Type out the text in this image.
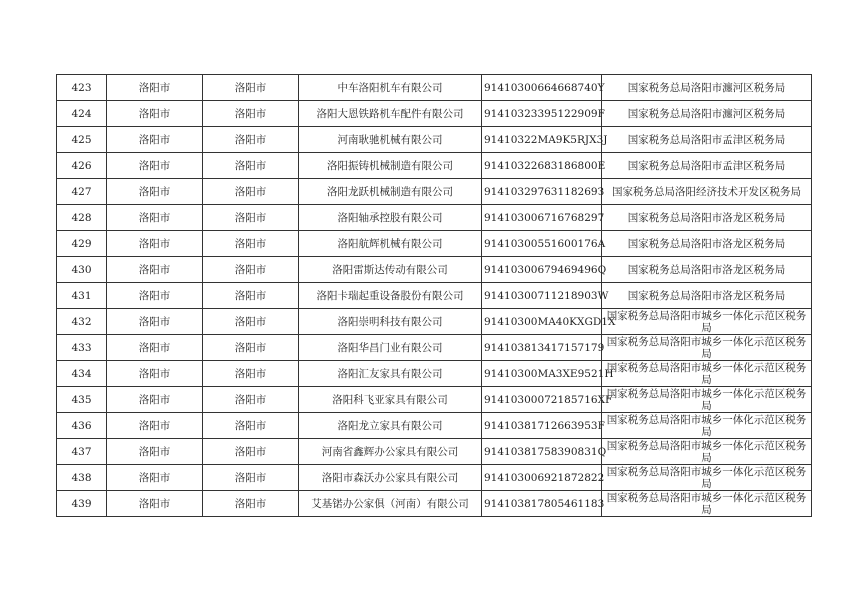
423	洛阳市	洛阳市	中车洛阳机车有限公司	91410300664668740Y	国家税务总局洛阳市瀍河区税务局
424	洛阳市	洛阳市	洛阳大恩铁路机车配件有限公司	91410323395122909F	国家税务总局洛阳市瀍河区税务局
425	洛阳市	洛阳市	河南耿驰机械有限公司	91410322MA9K5RJX3J	国家税务总局洛阳市孟津区税务局
426	洛阳市	洛阳市	洛阳振铸机械制造有限公司	91410322683186800E	国家税务总局洛阳市孟津区税务局
427	洛阳市	洛阳市	洛阳龙跃机械制造有限公司	91410329763118269З	国家税务总局洛阳经济技术开发区税务局
428	洛阳市	洛阳市	洛阳轴承控股有限公司	914103006716768297	国家税务总局洛阳市洛龙区税务局
429	洛阳市	洛阳市	洛阳航辉机械有限公司	91410300551600176A	国家税务总局洛阳市洛龙区税务局
430	洛阳市	洛阳市	洛阳雷斯达传动有限公司	91410300679469496Q	国家税务总局洛阳市洛龙区税务局
431	洛阳市	洛阳市	洛阳卡瑞起重设备股份有限公司	91410300711218903W	国家税务总局洛阳市洛龙区税务局
432	洛阳市	洛阳市	洛阳崇明科技有限公司	91410300MA40KXGD1X	国家税务总局洛阳市城乡一体化示范区税务局
433	洛阳市	洛阳市	洛阳华昌门业有限公司	914103813417157179	国家税务总局洛阳市城乡一体化示范区税务局
434	洛阳市	洛阳市	洛阳汇友家具有限公司	91410300MA3XE9521H	国家税务总局洛阳市城乡一体化示范区税务局
435	洛阳市	洛阳市	洛阳科飞亚家具有限公司	91410300072185716XF	国家税务总局洛阳市城乡一体化示范区税务局
436	洛阳市	洛阳市	洛阳龙立家具有限公司	91410381712663953F	国家税务总局洛阳市城乡一体化示范区税务局
437	洛阳市	洛阳市	河南省鑫辉办公家具有限公司	91410381758390831Q	国家税务总局洛阳市城乡一体化示范区税务局
438	洛阳市	洛阳市	洛阳市森沃办公家具有限公司	914103006921872822	国家税务总局洛阳市城乡一体化示范区税务局
439	洛阳市	洛阳市	艾基锘办公家俱（河南）有限公司	914103817805461183	国家税务总局洛阳市城乡一体化示范区税务局
